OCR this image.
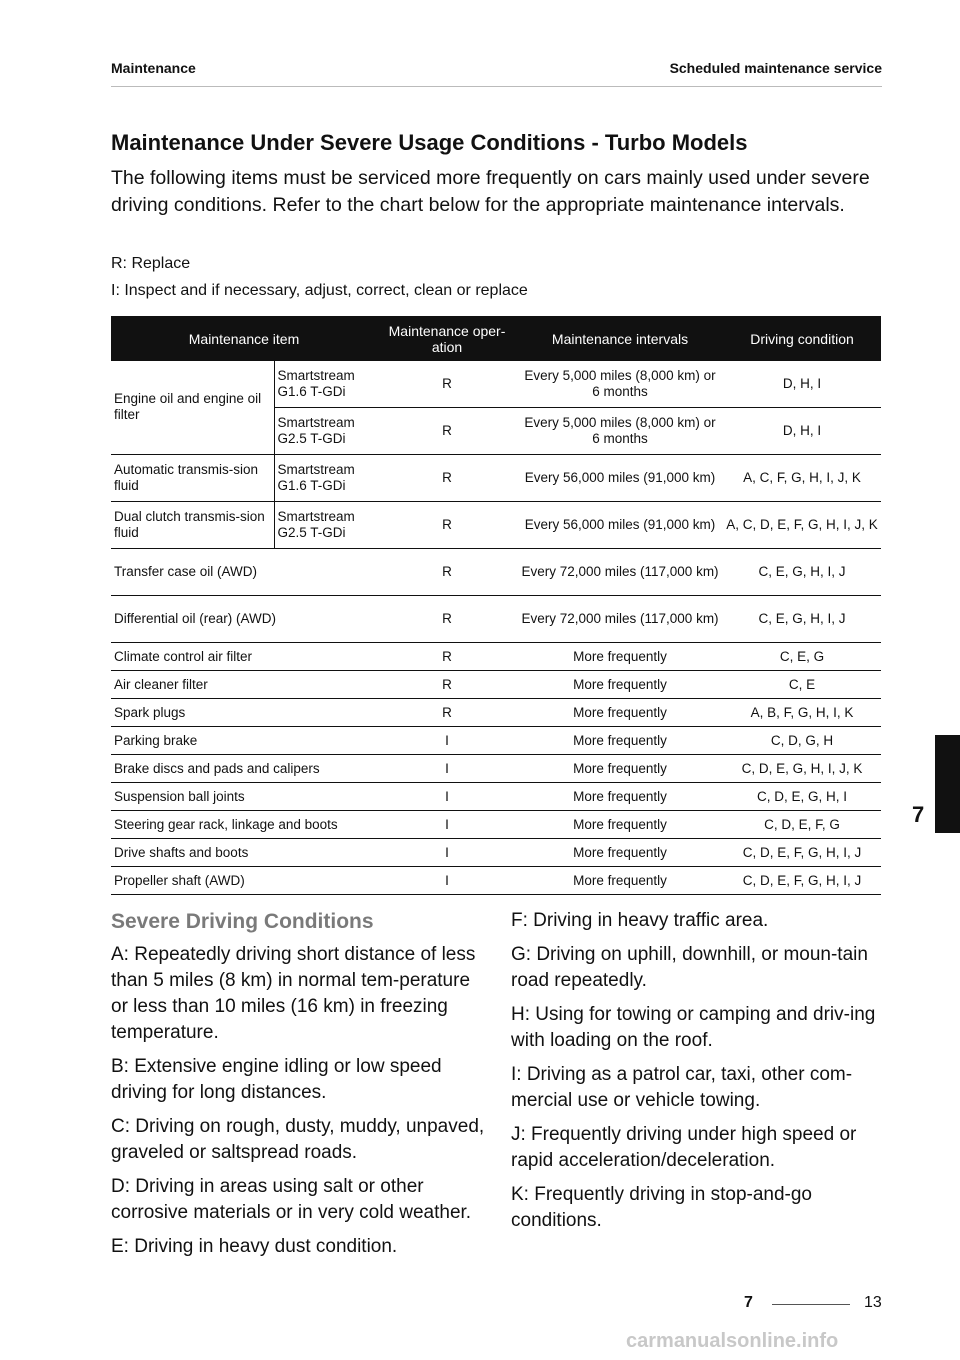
Maintenance	Scheduled maintenance service
Maintenance Under Severe Usage Conditions - Turbo Models
The following items must be serviced more frequently on cars mainly used under severe driving conditions. Refer to the chart below for the appropriate maintenance intervals.
R: Replace
I: Inspect and if necessary, adjust, correct, clean or replace
Maintenance item		Maintenance oper-ation	Maintenance intervals	Driving condition
Engine oil and engine oil filter	Smartstream G1.6 T-GDi	R	Every 5,000 miles (8,000 km) or 6 months	D, H, I
	Smartstream G2.5 T-GDi	R	Every 5,000 miles (8,000 km) or 6 months	D, H, I
Automatic transmis-sion fluid	Smartstream G1.6 T-GDi	R	Every 56,000 miles (91,000 km)	A, C, F, G, H, I, J, K
Dual clutch transmis-sion fluid	Smartstream G2.5 T-GDi	R	Every 56,000 miles (91,000 km)	A, C, D, E, F, G, H, I, J, K
Transfer case oil (AWD)		R	Every 72,000 miles (117,000 km)	C, E, G, H, I, J
Differential oil (rear) (AWD)		R	Every 72,000 miles (117,000 km)	C, E, G, H, I, J
Climate control air filter		R	More frequently	C, E, G
Air cleaner filter		R	More frequently	C, E
Spark plugs		R	More frequently	A, B, F, G, H, I, K
Parking brake		I	More frequently	C, D, G, H
Brake discs and pads and calipers		I	More frequently	C, D, E, G, H, I, J, K
Suspension ball joints		I	More frequently	C, D, E, G, H, I
Steering gear rack, linkage and boots		I	More frequently	C, D, E, F, G
Drive shafts and boots		I	More frequently	C, D, E, F, G, H, I, J
Propeller shaft (AWD)		I	More frequently	C, D, E, F, G, H, I, J
Severe Driving Conditions

A: Repeatedly driving short distance of less than 5 miles (8 km) in normal tem-perature or less than 10 miles (16 km) in freezing temperature.

B: Extensive engine idling or low speed driving for long distances.

C: Driving on rough, dusty, muddy, unpaved, graveled or saltspread roads.

D: Driving in areas using salt or other corrosive materials or in very cold weather.

E: Driving in heavy dust condition.

F: Driving in heavy traffic area.

G: Driving on uphill, downhill, or moun-tain road repeatedly.

H: Using for towing or camping and driv-ing with loading on the roof.

I: Driving as a patrol car, taxi, other com-mercial use or vehicle towing.

J: Frequently driving under high speed or rapid acceleration/deceleration.

K: Frequently driving in stop-and-go conditions.

7
7	13
carmanualsonline.info
